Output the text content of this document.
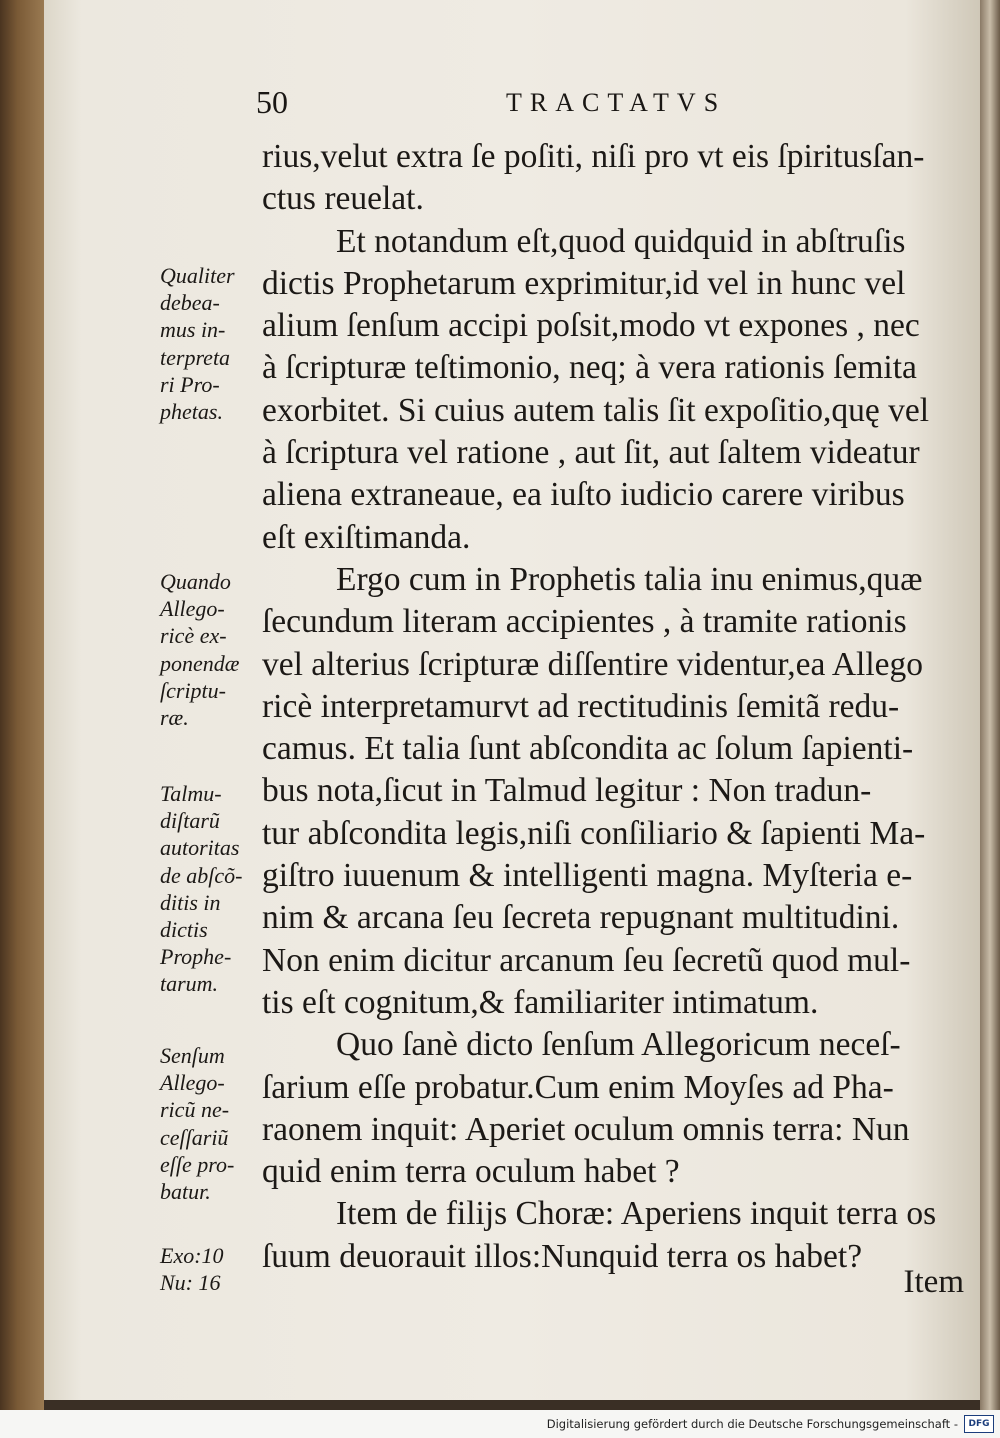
50	TRACTATVS
rius,velut extra ſe poſiti, niſi pro vt eis ſpiritusſan-
ctus reuelat.
Et notandum eſt,quod quidquid in abſtruſis
dictis Prophetarum exprimitur,id vel in hunc vel
alium ſenſum accipi poſsit,modo vt expones , nec
à ſcripturæ teſtimonio, neq; à vera rationis ſemita
exorbitet. Si cuius autem talis ſit expoſitio,quę vel
à ſcriptura vel ratione , aut ſit, aut ſaltem videatur
aliena extraneaue, ea iuſto iudicio carere viribus
eſt exiſtimanda.
Ergo cum in Prophetis talia inu enimus,quæ
ſecundum literam accipientes , à tramite rationis
vel alterius ſcripturæ diſſentire videntur,ea Allego
ricè interpretamurvt ad rectitudinis ſemitã redu-
camus. Et talia ſunt abſcondita ac ſolum ſapienti-
bus nota,ſicut in Talmud legitur : Non tradun-
tur abſcondita legis,niſi conſiliario & ſapienti Ma-
giſtro iuuenum & intelligenti magna. Myſteria e-
nim & arcana ſeu ſecreta repugnant multitudini.
Non enim dicitur arcanum ſeu ſecretũ quod mul-
tis eſt cognitum,& familiariter intimatum.
Quo ſanè dicto ſenſum Allegoricum neceſ-
ſarium eſſe probatur.Cum enim Moyſes ad Pha-
raonem inquit: Aperiet oculum omnis terra: Nun
quid enim terra oculum habet ?
Item de filijs Choræ: Aperiens inquit terra os
ſuum deuorauit illos:Nunquid terra os habet?
Qualiter
debea-
mus in-
terpreta
ri Pro-
phetas.
Quando
Allego-
ricè ex-
ponendæ
ſcriptu-
ræ.
Talmu-
diſtarũ
autoritas
de abſcõ-
ditis in
dictis
Prophe-
tarum.
Senſum
Allego-
ricũ ne-
ceſſariũ
eſſe pro-
batur.
Exo:10
Nu: 16	Item
Digitalisierung gefördert durch die Deutsche Forschungsgemeinschaft -	DFG
